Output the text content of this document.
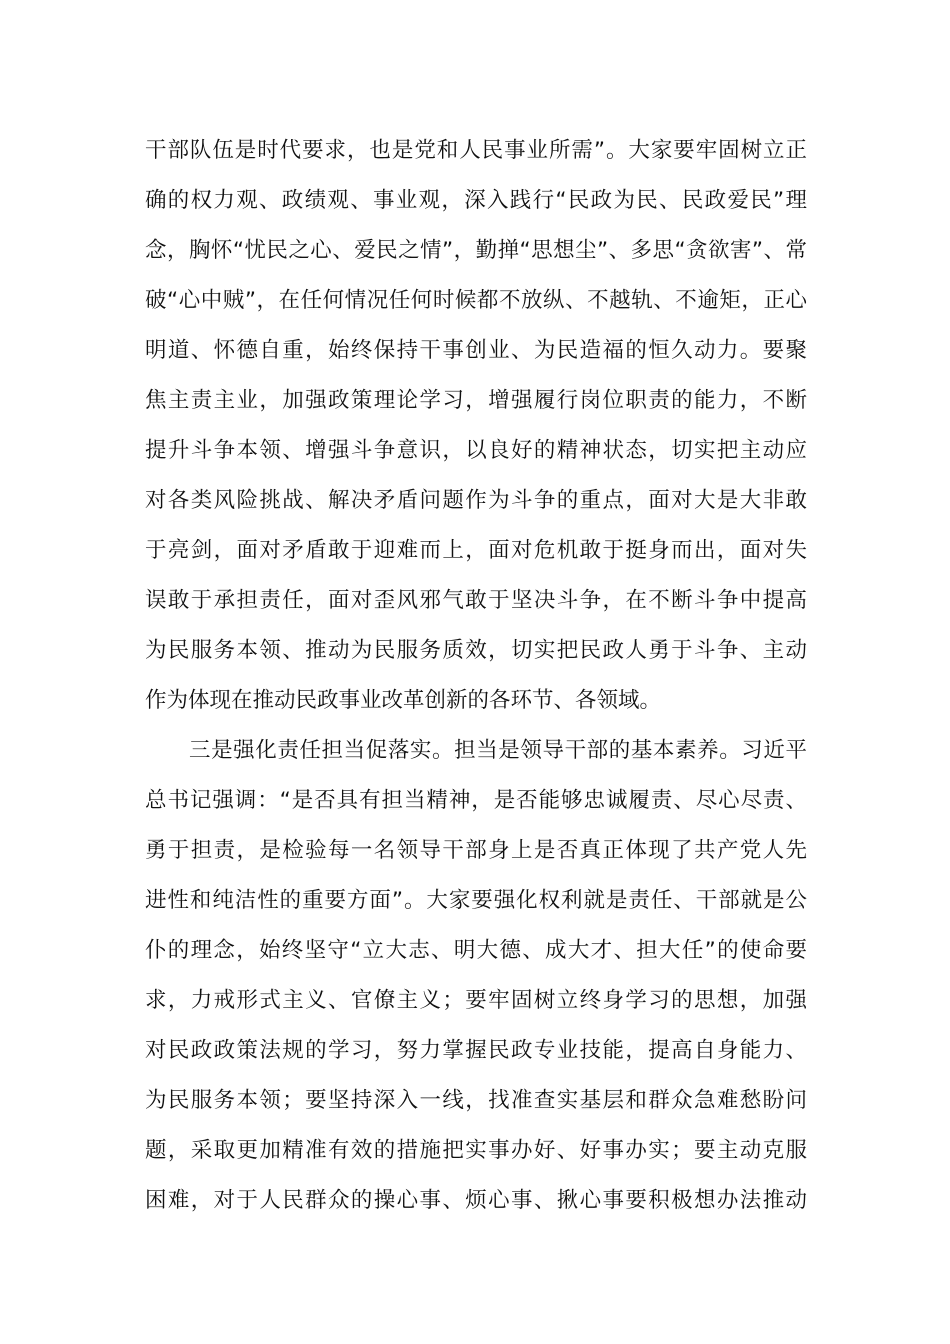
干部队伍是时代要求，也是党和人民事业所需”。大家要牢固树立正
确的权力观、政绩观、事业观，深入践行“民政为民、民政爱民”理
念，胸怀“忧民之心、爱民之情”，勤掸“思想尘”、多思“贪欲害”、常
破“心中贼”，在任何情况任何时候都不放纵、不越轨、不逾矩，正心
明道、怀德自重，始终保持干事创业、为民造福的恒久动力。要聚
焦主责主业，加强政策理论学习，增强履行岗位职责的能力，不断
提升斗争本领、增强斗争意识，以良好的精神状态，切实把主动应
对各类风险挑战、解决矛盾问题作为斗争的重点，面对大是大非敢
于亮剑，面对矛盾敢于迎难而上，面对危机敢于挺身而出，面对失
误敢于承担责任，面对歪风邪气敢于坚决斗争，在不断斗争中提高
为民服务本领、推动为民服务质效，切实把民政人勇于斗争、主动
作为体现在推动民政事业改革创新的各环节、各领域。
三是强化责任担当促落实。担当是领导干部的基本素养。习近平
总书记强调：“是否具有担当精神，是否能够忠诚履责、尽心尽责、
勇于担责，是检验每一名领导干部身上是否真正体现了共产党人先
进性和纯洁性的重要方面”。大家要强化权利就是责任、干部就是公
仆的理念，始终坚守“立大志、明大德、成大才、担大任”的使命要
求，力戒形式主义、官僚主义；要牢固树立终身学习的思想，加强
对民政政策法规的学习，努力掌握民政专业技能，提高自身能力、
为民服务本领；要坚持深入一线，找准查实基层和群众急难愁盼问
题，采取更加精准有效的措施把实事办好、好事办实；要主动克服
困难，对于人民群众的操心事、烦心事、揪心事要积极想办法推动
